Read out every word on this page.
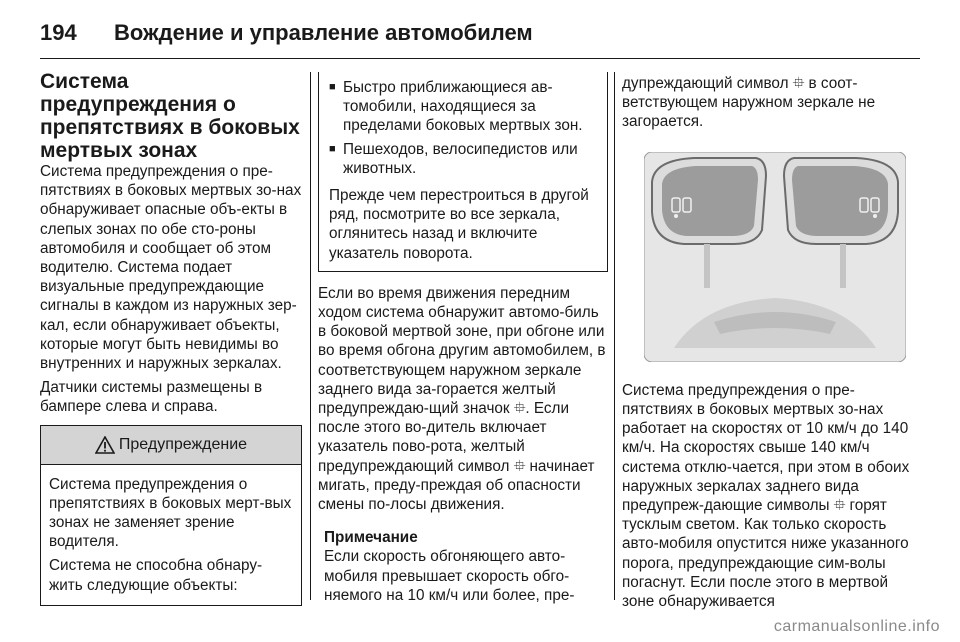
194 Вождение и управление автомобилем

Система предупреждения о препятствиях в боковых мертвых зонах

Система предупреждения о пре-пятствиях в боковых мертвых зо-нах обнаруживает опасные объ-екты в слепых зонах по обе сто-роны автомобиля и сообщает об этом водителю. Система подает визуальные предупреждающие сигналы в каждом из наружных зер-кал, если обнаруживает объекты, которые могут быть невидимы во внутренних и наружных зеркалах.

Датчики системы размещены в бампере слева и справа.

Предупреждение

Система предупреждения о препятствиях в боковых мерт-вых зонах не заменяет зрение водителя.

Система не способна обнару-жить следующие объекты:

■ Быстро приближающиеся ав-томобили, находящиеся за пределами боковых мертвых зон.
■ Пешеходов, велосипедистов или животных.

Прежде чем перестроиться в другой ряд, посмотрите во все зеркала, оглянитесь назад и включите указатель поворота.

Если во время движения передним ходом система обнаружит автомо-биль в боковой мертвой зоне, при обгоне или во время обгона другим автомобилем, в соответствующем наружном зеркале заднего вида за-горается желтый предупреждаю-щий значок ⯐. Если после этого во-дитель включает указатель пово-рота, желтый предупреждающий символ ⯐ начинает мигать, преду-преждая об опасности смены по-лосы движения.

Примечание

Если скорость обгоняющего авто-мобиля превышает скорость обго-няемого на 10 км/ч или более, пре-

дупреждающий символ ⯐ в соот-ветствующем наружном зеркале не загорается.

Система предупреждения о пре-пятствиях в боковых мертвых зо-нах работает на скоростях от 10 км/ч до 140 км/ч. На скоростях свыше 140 км/ч система отклю-чается, при этом в обоих наружных зеркалах заднего вида предупреж-дающие символы ⯐ горят тусклым светом. Как только скорость авто-мобиля опустится ниже указанного порога, предупреждающие сим-волы погаснут. Если после этого в мертвой зоне обнаруживается

carmanualsonline.info
